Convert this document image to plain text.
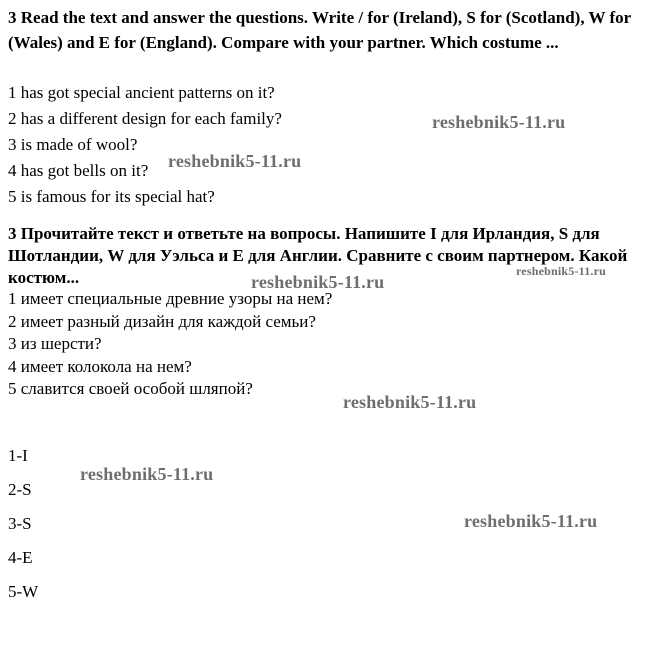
3 Read the text and answer the questions. Write / for (Ireland), S for (Scotland), W for (Wales) and E for (England). Compare with your partner. Which costume ...
1 has got special ancient patterns on it?
2 has a different design for each family?
3 is made of wool?
4 has got bells on it?
5 is famous for its special hat?
3 Прочитайте текст и ответьте на вопросы. Напишите I для Ирландия, S для Шотландии, W для Уэльса и E для Англии. Сравните с своим партнером. Какой костюм...
1 имеет специальные древние узоры на нем?
2 имеет разный дизайн для каждой семьи?
3 из шерсти?
4 имеет колокола на нем?
5 славится своей особой шляпой?
1-I
2-S
3-S
4-E
5-W
reshebnik5-11.ru
reshebnik5-11.ru
reshebnik5-11.ru
reshebnik5-11.ru
reshebnik5-11.ru
reshebnik5-11.ru
reshebnik5-11.ru
